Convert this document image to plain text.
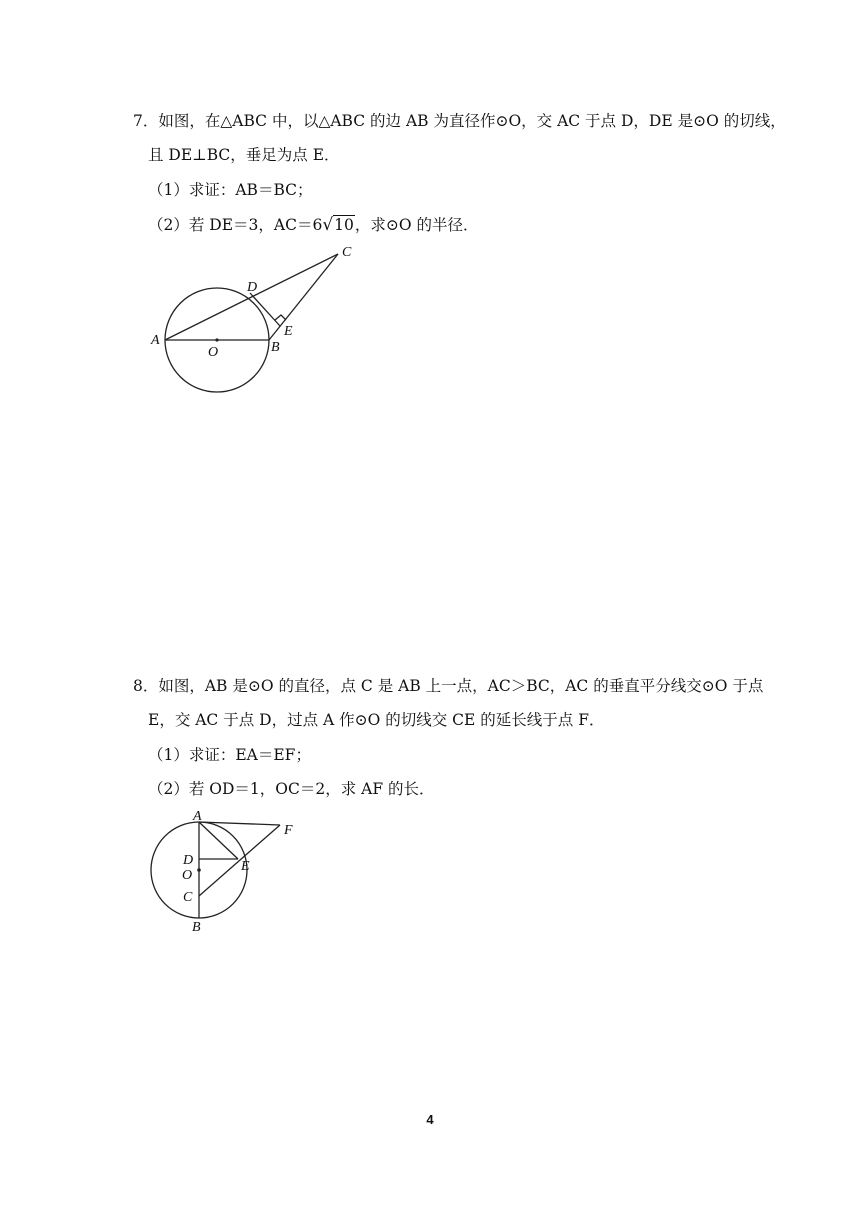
7．如图，在△ABC 中，以△ABC 的边 AB 为直径作⊙O，交 AC 于点 D，DE 是⊙O 的切线，
且 DE⊥BC，垂足为点 E．
（1）求证：AB＝BC；
（2）若 DE＝3，AC＝6√10，求⊙O 的半径．
A	B
C
D
E
O
8．如图，AB 是⊙O 的直径，点 C 是 AB 上一点，AC＞BC，AC 的垂直平分线交⊙O 于点
E，交 AC 于点 D，过点 A 作⊙O 的切线交 CE 的延长线于点 F．
（1）求证：EA＝EF；
（2）若 OD＝1，OC＝2，求 AF 的长．
A
F
D
O
E
C
B
4
